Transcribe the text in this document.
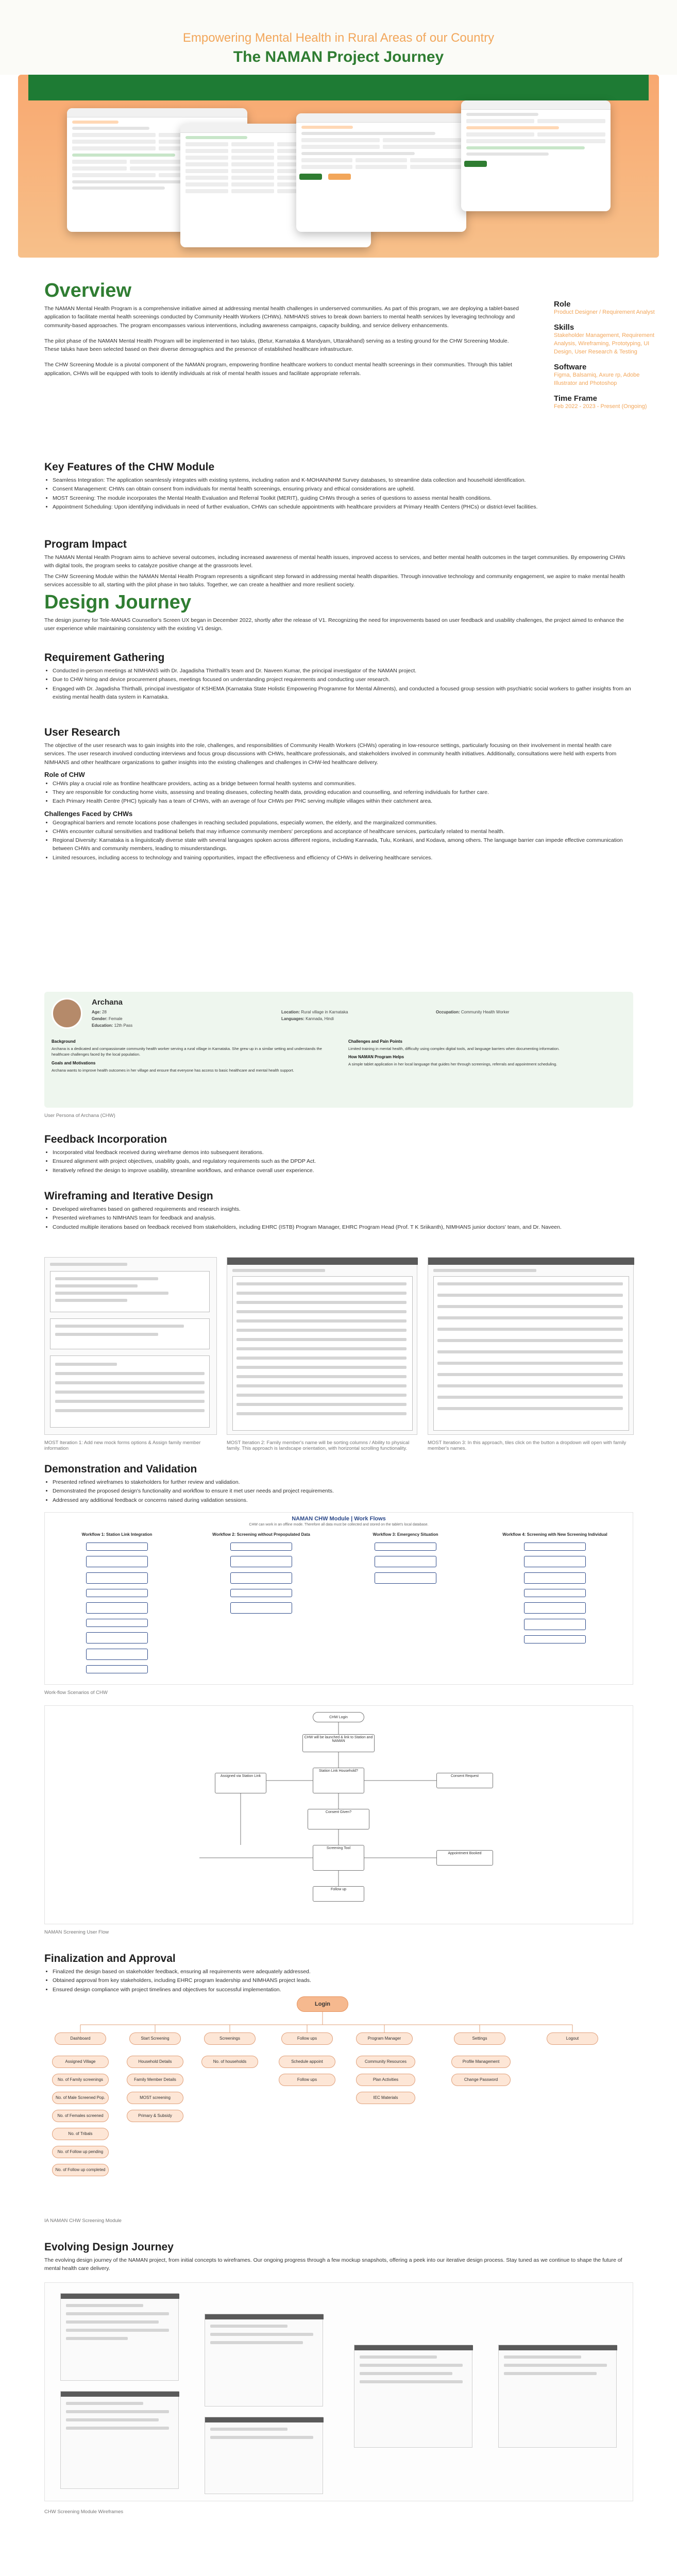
Empowering Mental Health in Rural Areas of our Country
The NAMAN Project Journey
Overview

The NAMAN Mental Health Program is a comprehensive initiative aimed at addressing mental health challenges in underserved communities. As part of this program, we are deploying a tablet-based application to facilitate mental health screenings conducted by Community Health Workers (CHWs). NIMHANS strives to break down barriers to mental health services by leveraging technology and community-based approaches. The program encompasses various interventions, including awareness campaigns, capacity building, and service delivery enhancements.

The pilot phase of the NAMAN Mental Health Program will be implemented in two taluks, (Betur, Karnataka & Mandyam, Uttarakhand) serving as a testing ground for the CHW Screening Module. These taluks have been selected based on their diverse demographics and the presence of established healthcare infrastructure.

The CHW Screening Module is a pivotal component of the NAMAN program, empowering frontline healthcare workers to conduct mental health screenings in their communities. Through this tablet application, CHWs will be equipped with tools to identify individuals at risk of mental health issues and facilitate appropriate referrals.

Role
Product Designer / Requirement Analyst
Skills
Stakeholder Management, Requirement Analysis, Wireframing, Prototyping, UI Design, User Research & Testing
Software
Figma, Balsamiq, Axure rp, Adobe Illustrator and Photoshop
Time Frame
Feb 2022 - 2023 - Present (Ongoing)
Key Features of the CHW Module
• Seamless Integration: The application seamlessly integrates with existing systems, including nation and K-MOHAN/NHM Survey databases, to streamline data collection and household identification.
• Consent Management: CHWs can obtain consent from individuals for mental health screenings, ensuring privacy and ethical considerations are upheld.
• MOST Screening: The module incorporates the Mental Health Evaluation and Referral Toolkit (MERIT), guiding CHWs through a series of questions to assess mental health conditions.
• Appointment Scheduling: Upon identifying individuals in need of further evaluation, CHWs can schedule appointments with healthcare providers at Primary Health Centers (PHCs) or district-level facilities.
Program Impact

The NAMAN Mental Health Program aims to achieve several outcomes, including increased awareness of mental health issues, improved access to services, and better mental health outcomes in the target communities. By empowering CHWs with digital tools, the program seeks to catalyze positive change at the grassroots level.

The CHW Screening Module within the NAMAN Mental Health Program represents a significant step forward in addressing mental health disparities. Through innovative technology and community engagement, we aspire to make mental health services accessible to all, starting with the pilot phase in two taluks. Together, we can create a healthier and more resilient society.

Design Journey

The design journey for Tele-MANAS Counsellor's Screen UX began in December 2022, shortly after the release of V1. Recognizing the need for improvements based on user feedback and usability challenges, the project aimed to enhance the user experience while maintaining consistency with the existing V1 design.

Requirement Gathering
• Conducted in-person meetings at NIMHANS with Dr. Jagadisha Thirthalli's team and Dr. Naveen Kumar, the principal investigator of the NAMAN project.
• Due to CHW hiring and device procurement phases, meetings focused on understanding project requirements and conducting user research.
• Engaged with Dr. Jagadisha Thirthalli, principal investigator of KSHEMA (Karnataka State Holistic Empowering Programme for Mental Ailments), and conducted a focused group session with psychiatric social workers to gather insights from an existing mental health data system in Karnataka.
User Research

The objective of the user research was to gain insights into the role, challenges, and responsibilities of Community Health Workers (CHWs) operating in low-resource settings, particularly focusing on their involvement in mental health care services. The user research involved conducting interviews and focus group discussions with CHWs, healthcare professionals, and stakeholders involved in community health initiatives. Additionally, consultations were held with experts from NIMHANS and other healthcare organizations to gather insights into the existing challenges and challenges in CHW-led healthcare delivery.

Role of CHW
• CHWs play a crucial role as frontline healthcare providers, acting as a bridge between formal health systems and communities.
• They are responsible for conducting home visits, assessing and treating diseases, collecting health data, providing education and counselling, and referring individuals for further care.
• Each Primary Health Centre (PHC) typically has a team of CHWs, with an average of four CHWs per PHC serving multiple villages within their catchment area.
Challenges Faced by CHWs
• Geographical barriers and remote locations pose challenges in reaching secluded populations, especially women, the elderly, and the marginalized communities.
• CHWs encounter cultural sensitivities and traditional beliefs that may influence community members' perceptions and acceptance of healthcare services, particularly related to mental health.
• Regional Diversity: Karnataka is a linguistically diverse state with several languages spoken across different regions, including Kannada, Tulu, Konkani, and Kodava, among others. The language barrier can impede effective communication between CHWs and community members, leading to misunderstandings.
• Limited resources, including access to technology and training opportunities, impact the effectiveness and efficiency of CHWs in delivering healthcare services.
Archana
Age: 28
Gender: Female
Education: 12th Pass
Location: Rural village in Karnataka
Languages: Kannada, Hindi
Occupation: Community Health Worker
Background
Archana is a dedicated and compassionate community health worker serving a rural village in Karnataka. She grew up in a similar setting and understands the healthcare challenges faced by the local population.
Goals and Motivations
Archana wants to improve health outcomes in her village and ensure that everyone has access to basic healthcare and mental health support.
Challenges and Pain Points
Limited training in mental health, difficulty using complex digital tools, and language barriers when documenting information.
How NAMAN Program Helps
A simple tablet application in her local language that guides her through screenings, referrals and appointment scheduling.
User Persona of Archana (CHW)
Feedback Incorporation
• Incorporated vital feedback received during wireframe demos into subsequent iterations.
• Ensured alignment with project objectives, usability goals, and regulatory requirements such as the DPDP Act.
• Iteratively refined the design to improve usability, streamline workflows, and enhance overall user experience.
Wireframing and Iterative Design
• Developed wireframes based on gathered requirements and research insights.
• Presented wireframes to NIMHANS team for feedback and analysis.
• Conducted multiple iterations based on feedback received from stakeholders, including EHRC (ISTB) Program Manager, EHRC Program Head (Prof. T K Sriikanth), NIMHANS junior doctors' team, and Dr. Naveen.
MOST Iteration 1: Add new mock forms options & Assign family member information
MOST Iteration 2: Family member's name will be sorting columns / Ability to physical family. This approach is landscape orientation, with horizontal scrolling functionality.
MOST Iteration 3: In this approach, tiles click on the button a dropdown will open with family member's names.
Demonstration and Validation
• Presented refined wireframes to stakeholders for further review and validation.
• Demonstrated the proposed design's functionality and workflow to ensure it met user needs and project requirements.
• Addressed any additional feedback or concerns raised during validation sessions.
NAMAN CHW Module | Work Flows
CHW can work in an offline mode. Therefore all data must be collected and stored on the tablet's local database.
Workflow 1: Station Link Integration	Workflow 2: Screening without Prepopulated Data	Workflow 3: Emergency Situation	Workflow 4: Screening with New Screening Individual
Work-flow Scenarios of CHW
CHW Login
CHW will be launched & link to Station and NAMAN
Station Link Household?
Consent Request
Assigned via Station Link
Consent Given?
Screening Tool
Appointment Booked
Follow up
NAMAN Screening User Flow
Finalization and Approval
• Finalized the design based on stakeholder feedback, ensuring all requirements were adequately addressed.
• Obtained approval from key stakeholders, including EHRC program leadership and NIMHANS project leads.
• Ensured design compliance with project timelines and objectives for successful implementation.
Login
Dashboard	Start Screening	Screenings	Follow ups	Program Manager	Settings	Logout
Assigned Village
No. of Family screenings
No. of Male Screened Pop.
No. of Females screened
No. of Tribals
No. of Follow up pending
No. of Follow up completed
Household Details
Family Member Details
MOST screening
Primary & Subsidy
No. of households	Schedule appoint
Follow ups
Community Resources
Plan Activities
IEC Materials
Profile Management
Change Password
IA NAMAN CHW Screening Module
Evolving Design Journey

The evolving design journey of the NAMAN project, from initial concepts to wireframes. Our ongoing progress through a few mockup snapshots, offering a peek into our iterative design process. Stay tuned as we continue to shape the future of mental health care delivery.

CHW Screening Module Wireframes
